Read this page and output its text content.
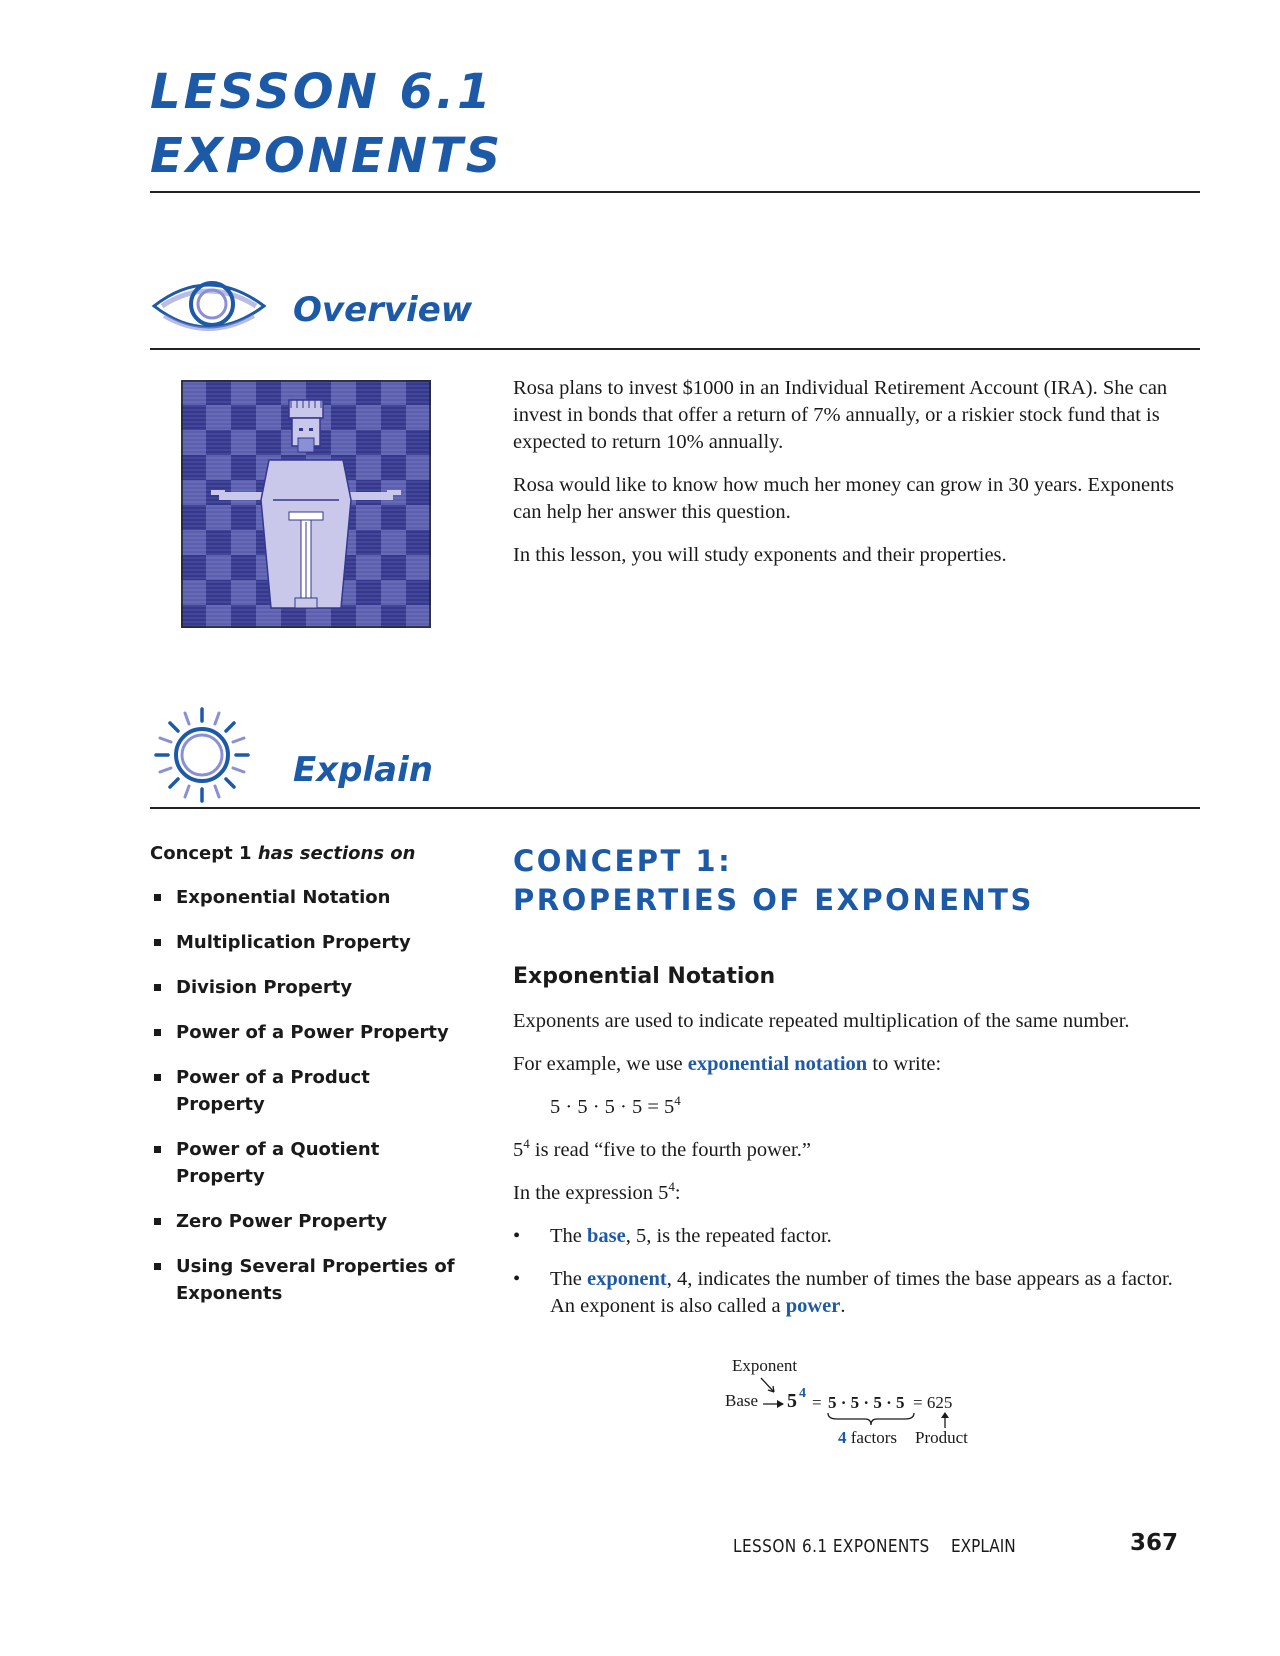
LESSON 6.1
EXPONENTS
Overview

Rosa plans to invest $1000 in an Individual Retirement Account (IRA). She can invest in bonds that offer a return of 7% annually, or a riskier stock fund that is expected to return 10% annually.

Rosa would like to know how much her money can grow in 30 years. Exponents can help her answer this question.

In this lesson, you will study exponents and their properties.

Explain

Concept 1 has sections on

Exponential Notation
Multiplication Property
Division Property
Power of a Power Property
Power of a Product Property
Power of a Quotient Property
Zero Power Property
Using Several Properties of Exponents
CONCEPT 1:
PROPERTIES OF EXPONENTS

Exponential Notation

Exponents are used to indicate repeated multiplication of the same number.

For example, we use exponential notation to write:

$5 \cdot 5 \cdot 5 \cdot 5 = 5^4$

$5^4$ is read “five to the fourth power.”

In the expression $5^4$:

• The base, 5, is the repeated factor.

• The exponent, 4, indicates the number of times the base appears as a factor. An exponent is also called a power.

Exponent
Base 5 4 = 5 · 5 · 5 · 5 = 625
4 factors Product
LESSON 6.1 EXPONENTS EXPLAIN	367
